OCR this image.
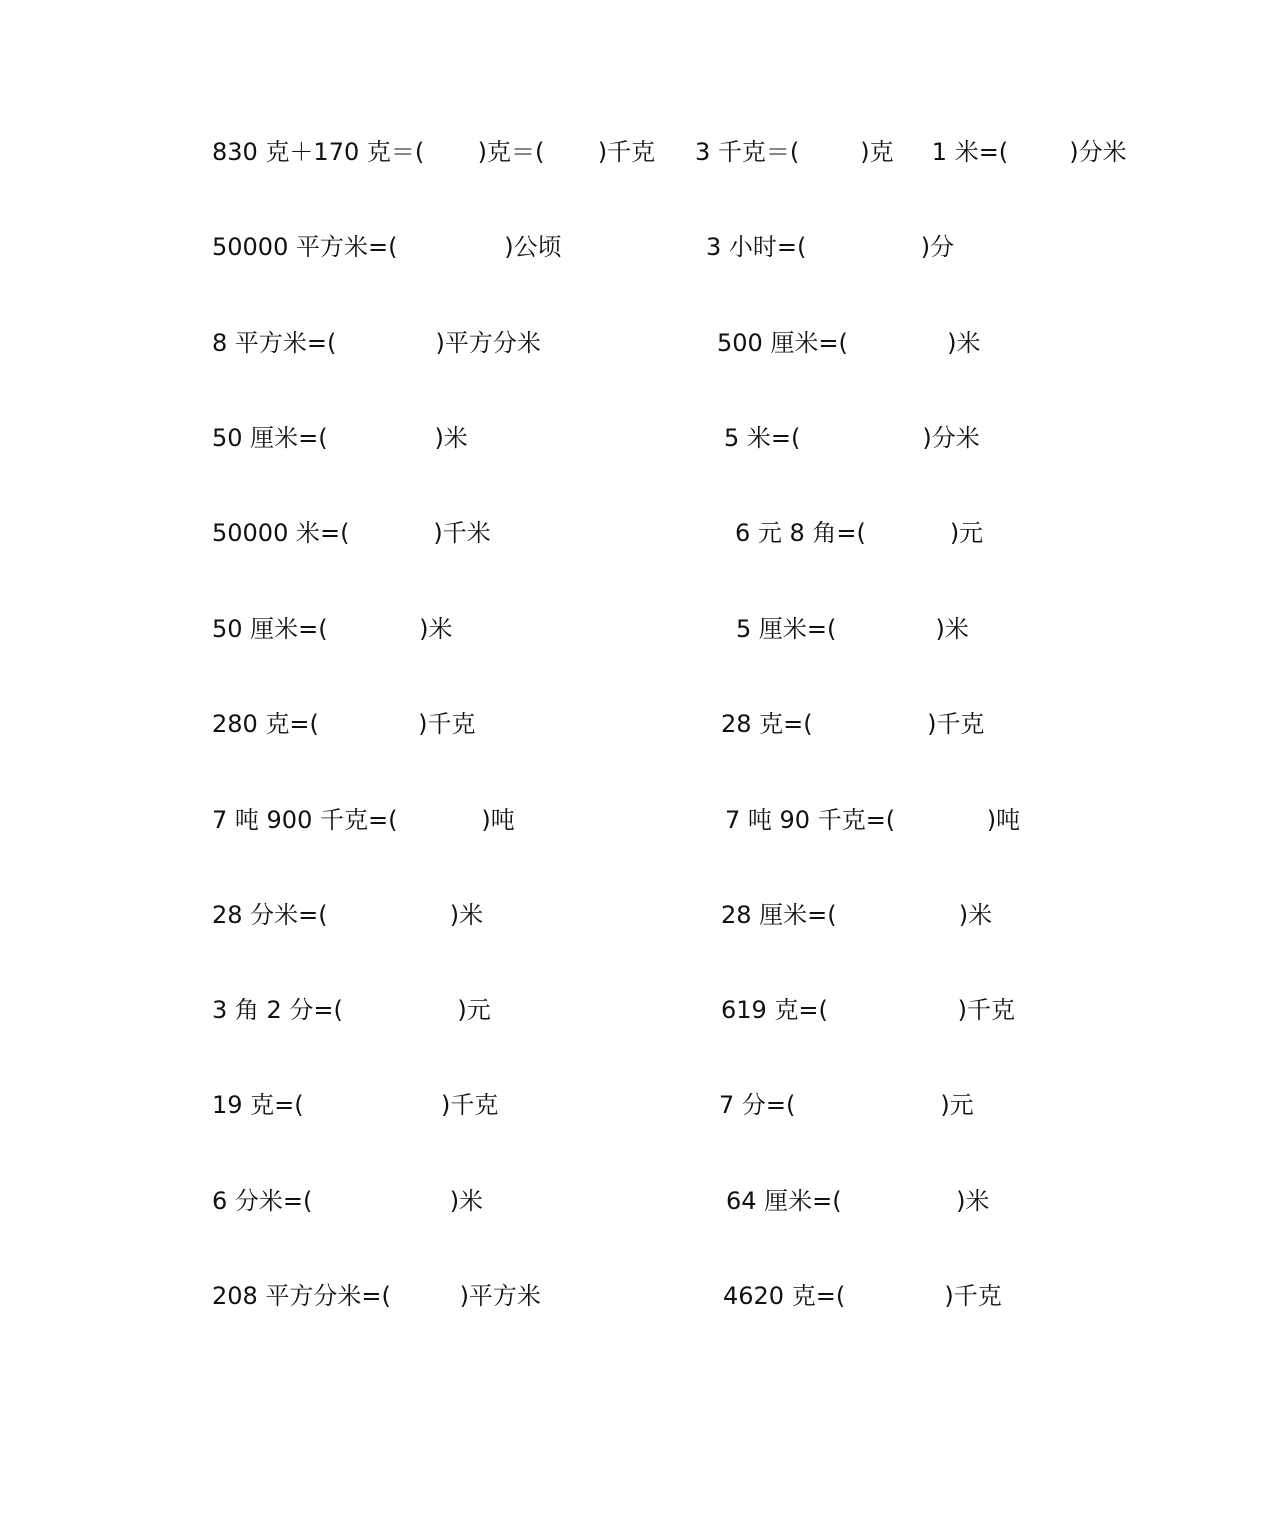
830 克＋170 克＝(       )克＝(       )千克 3 千克＝(        )克     1 米=(        )分米
50000 平方米=(              )公顷	3 小时=(               )分
8 平方米=(             )平方分米	500 厘米=(             )米
50 厘米=(              )米	5 米=(                )分米
50000 米=(           )千米	6 元 8 角=(           )元
50 厘米=(            )米	5 厘米=(             )米
280 克=(             )千克	28 克=(               )千克
7 吨 900 千克=(           )吨	7 吨 90 千克=(            )吨
28 分米=(                )米	28 厘米=(                )米
3 角 2 分=(               )元	619 克=(                 )千克
19 克=(                  )千克	7 分=(                   )元
6 分米=(                  )米	64 厘米=(               )米
208 平方分米=(         )平方米	4620 克=(             )千克
